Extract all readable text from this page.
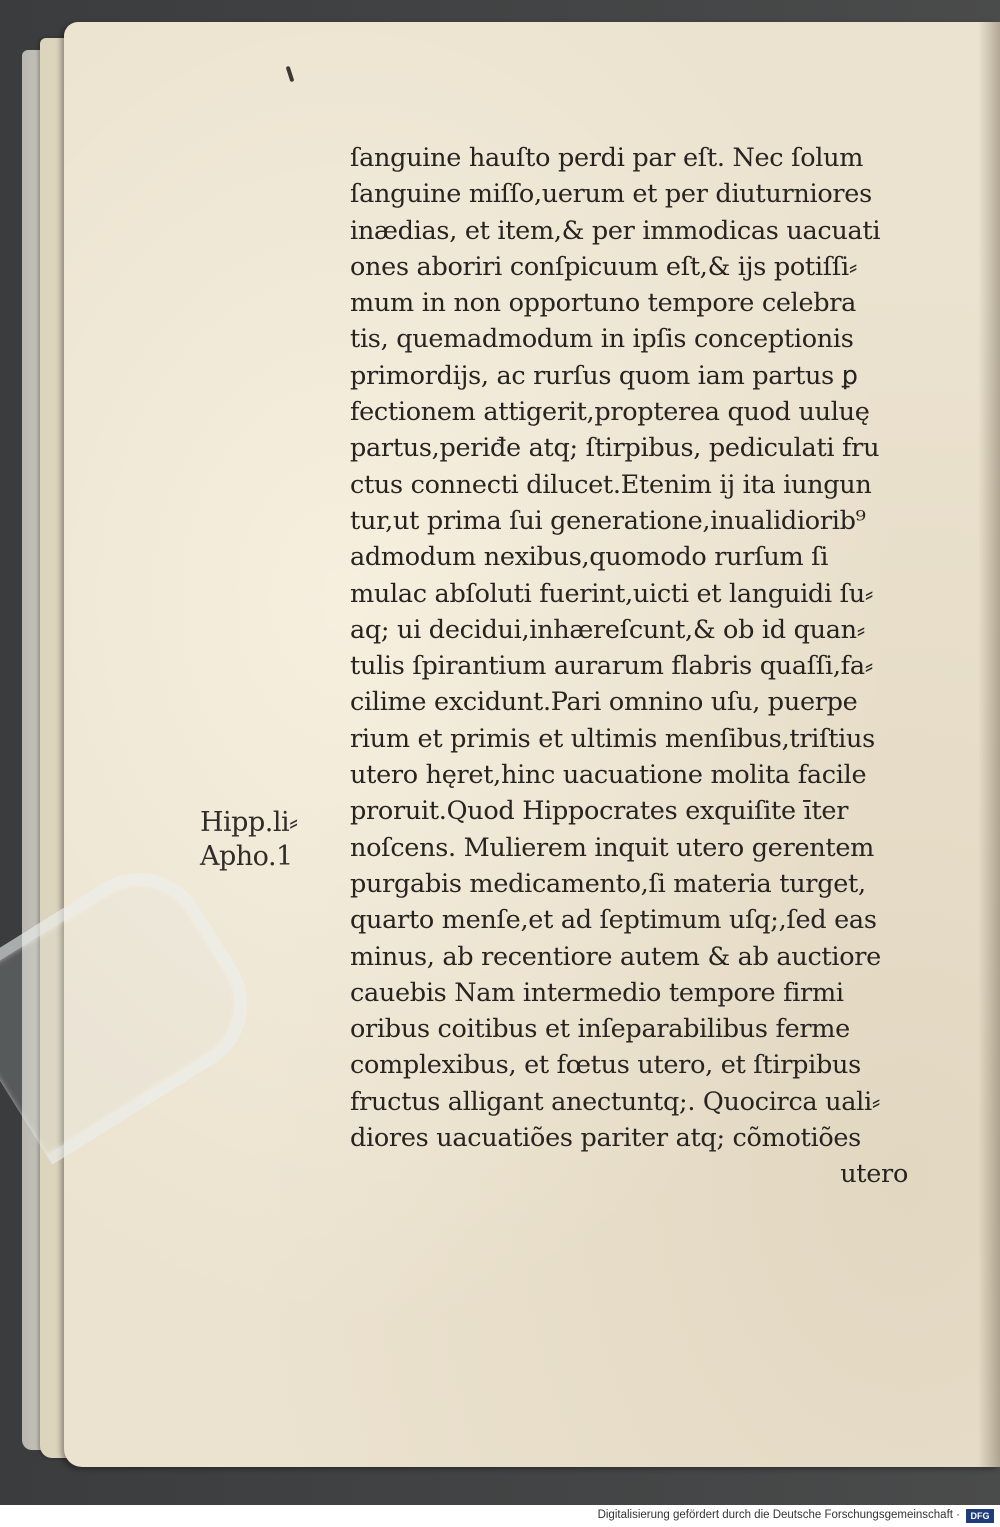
ſanguine hauſto perdi par eſt. Nec ſolum
ſanguine miſſo,uerum et per diuturniores
inædias, et item,& per immodicas uacuati
ones aboriri conſpicuum eſt,& ijs potiſſi⸗
mum in non opportuno tempore celebra
tis, quemadmodum in ipſis conceptionis
primordijs, ac rurſus quom iam partus ꝑ
fectionem attigerit,propterea quod uuluę
partus,periđe atq; ſtirpibus, pediculati fru
ctus connecti dilucet.Etenim ij ita iungun
tur,ut prima ſui generatione,inualidiorib⁹
admodum nexibus,quomodo rurſum ſi
mulac abſoluti fuerint,uicti et languidi ſu⸗
aq; ui decidui,inhæreſcunt,& ob id quan⸗
tulis ſpirantium aurarum flabris quaſſi,fa⸗
cilime excidunt.Pari omnino uſu, puerpe
rium et primis et ultimis menſibus,triſtius
utero hęret,hinc uacuatione molita facile
proruit.Quod Hippocrates exquiſite īter
noſcens. Mulierem inquit utero gerentem
purgabis medicamento,ſi materia turget,
quarto menſe,et ad ſeptimum uſq;,ſed eas
minus, ab recentiore autem & ab auctiore
cauebis Nam intermedio tempore firmi
oribus coitibus et inſeparabilibus ferme
complexibus, et fœtus utero, et ſtirpibus
fructus alligant anectuntq;. Quocirca uali⸗
diores uacuatiões pariter atq; cõmotiões
utero
Hipp.li⸗
Apho.1
Digitalisierung gefördert durch die Deutsche Forschungsgemeinschaft ·	DFG
